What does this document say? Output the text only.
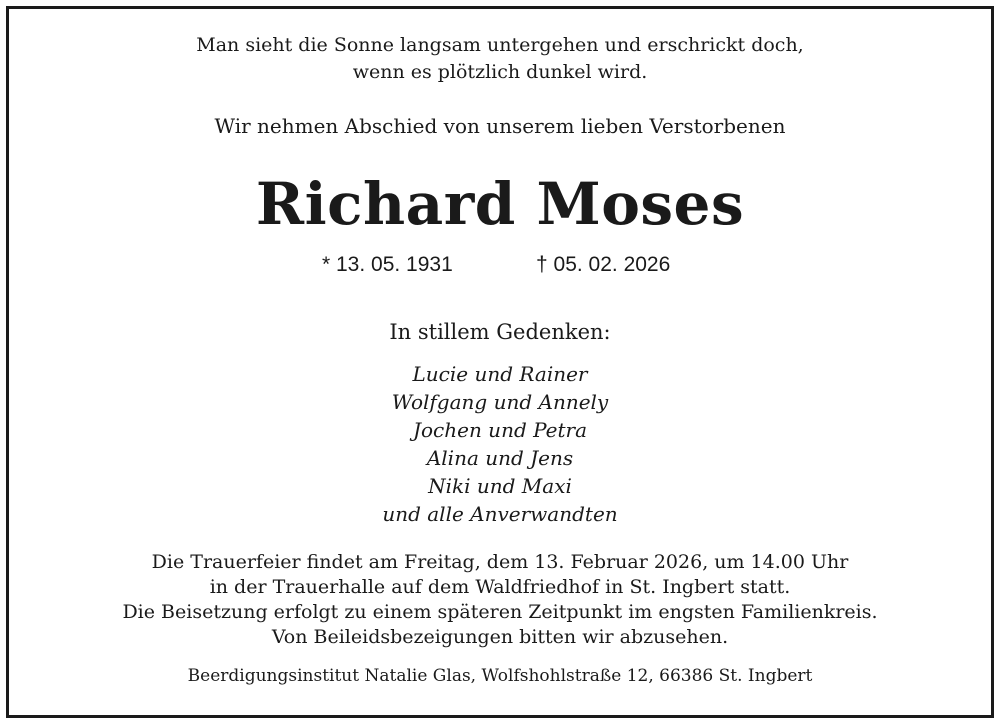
Man sieht die Sonne langsam untergehen und erschrickt doch,
wenn es plötzlich dunkel wird.
Wir nehmen Abschied von unserem lieben Verstorbenen
Richard Moses
* 13. 05. 1931	† 05. 02. 2026
In stillem Gedenken:
Lucie und Rainer
Wolfgang und Annely
Jochen und Petra
Alina und Jens
Niki und Maxi
und alle Anverwandten
Die Trauerfeier findet am Freitag, dem 13. Februar 2026, um 14.00 Uhr
in der Trauerhalle auf dem Waldfriedhof in St. Ingbert statt.
Die Beisetzung erfolgt zu einem späteren Zeitpunkt im engsten Familienkreis.
Von Beileidsbezeigungen bitten wir abzusehen.
Beerdigungsinstitut Natalie Glas, Wolfshohlstraße 12, 66386 St. Ingbert
